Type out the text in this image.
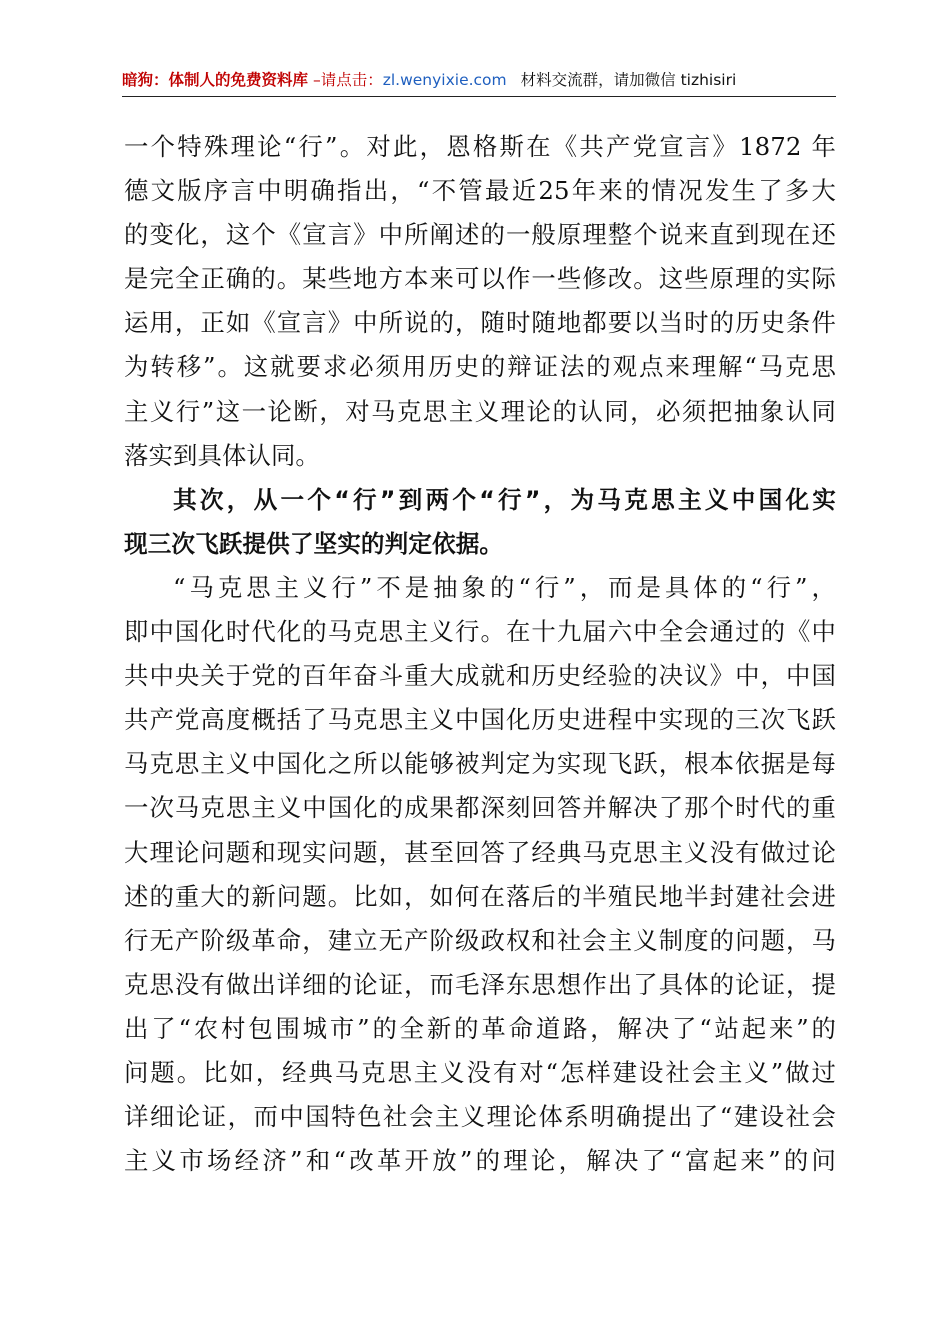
暗狗：体制人的免费资料库 –请点击：zl.wenyixie.com 材料交流群，请加微信 tizhisiri
一个特殊理论“行”。对此，恩格斯在《共产党宣言》1872 年
德文版序言中明确指出，“不管最近25年来的情况发生了多大
的变化，这个《宣言》中所阐述的一般原理整个说来直到现在还
是完全正确的。某些地方本来可以作一些修改。这些原理的实际
运用，正如《宣言》中所说的，随时随地都要以当时的历史条件
为转移”。这就要求必须用历史的辩证法的观点来理解“马克思
主义行”这一论断，对马克思主义理论的认同，必须把抽象认同
落实到具体认同。
其次，从一个“行”到两个“行”，为马克思主义中国化实
现三次飞跃提供了坚实的判定依据。
“马克思主义行”不是抽象的“行”，而是具体的“行”，
即中国化时代化的马克思主义行。在十九届六中全会通过的《中
共中央关于党的百年奋斗重大成就和历史经验的决议》中，中国
共产党高度概括了马克思主义中国化历史进程中实现的三次飞跃
马克思主义中国化之所以能够被判定为实现飞跃，根本依据是每
一次马克思主义中国化的成果都深刻回答并解决了那个时代的重
大理论问题和现实问题，甚至回答了经典马克思主义没有做过论
述的重大的新问题。比如，如何在落后的半殖民地半封建社会进
行无产阶级革命，建立无产阶级政权和社会主义制度的问题，马
克思没有做出详细的论证，而毛泽东思想作出了具体的论证，提
出了“农村包围城市”的全新的革命道路，解决了“站起来”的
问题。比如，经典马克思主义没有对“怎样建设社会主义”做过
详细论证，而中国特色社会主义理论体系明确提出了“建设社会
主义市场经济”和“改革开放”的理论，解决了“富起来”的问
